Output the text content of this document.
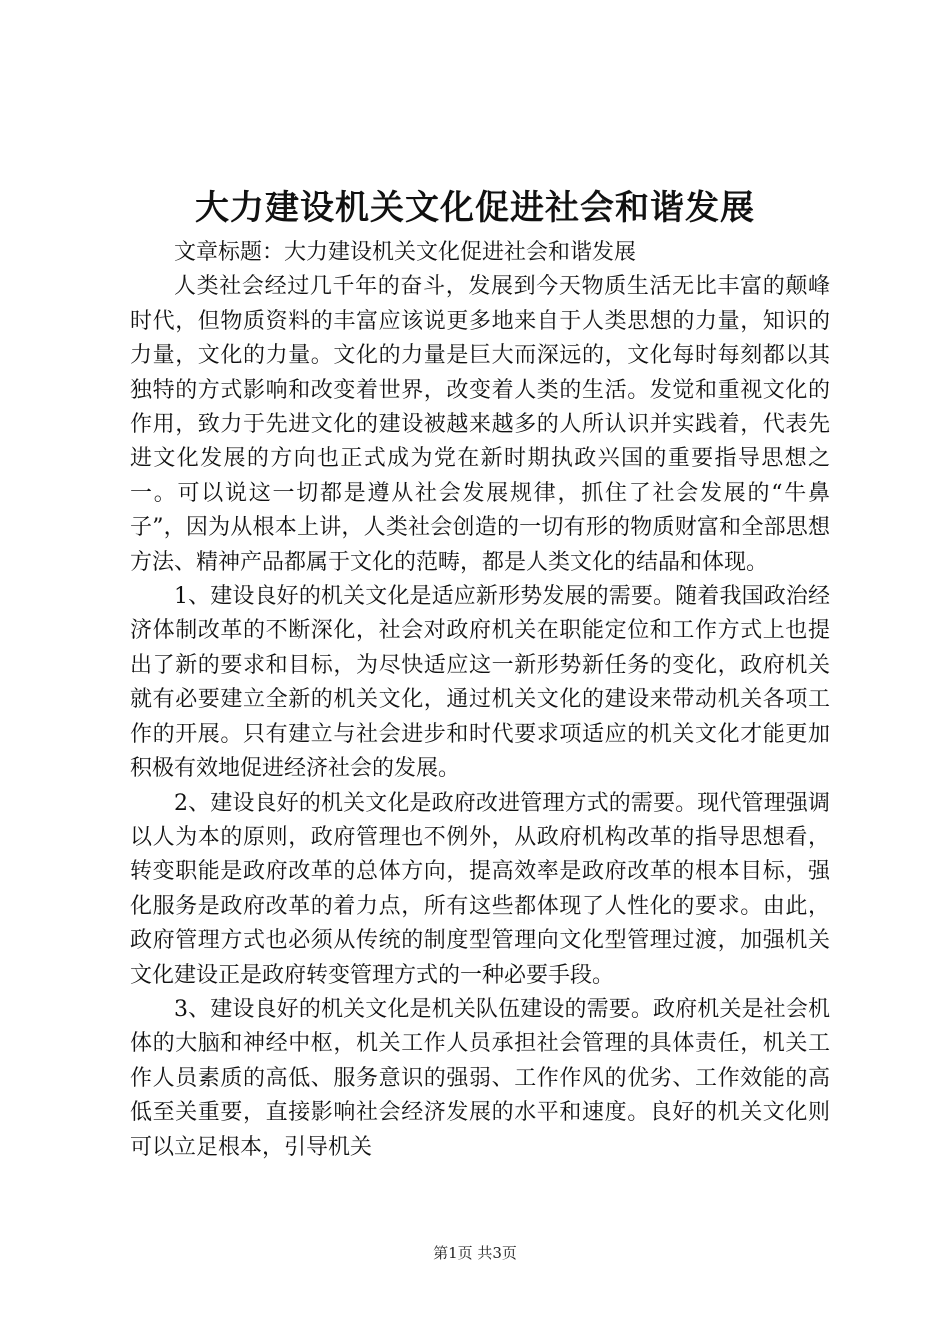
大力建设机关文化促进社会和谐发展

文章标题：大力建设机关文化促进社会和谐发展

人类社会经过几千年的奋斗，发展到今天物质生活无比丰富的颠峰时代，但物质资料的丰富应该说更多地来自于人类思想的力量，知识的力量，文化的力量。文化的力量是巨大而深远的，文化每时每刻都以其独特的方式影响和改变着世界，改变着人类的生活。发觉和重视文化的作用，致力于先进文化的建设被越来越多的人所认识并实践着，代表先进文化发展的方向也正式成为党在新时期执政兴国的重要指导思想之一。可以说这一切都是遵从社会发展规律，抓住了社会发展的“牛鼻子”，因为从根本上讲，人类社会创造的一切有形的物质财富和全部思想方法、精神产品都属于文化的范畴，都是人类文化的结晶和体现。

1、建设良好的机关文化是适应新形势发展的需要。随着我国政治经济体制改革的不断深化，社会对政府机关在职能定位和工作方式上也提出了新的要求和目标，为尽快适应这一新形势新任务的变化，政府机关就有必要建立全新的机关文化，通过机关文化的建设来带动机关各项工作的开展。只有建立与社会进步和时代要求项适应的机关文化才能更加积极有效地促进经济社会的发展。

2、建设良好的机关文化是政府改进管理方式的需要。现代管理强调以人为本的原则，政府管理也不例外，从政府机构改革的指导思想看，转变职能是政府改革的总体方向，提高效率是政府改革的根本目标，强化服务是政府改革的着力点，所有这些都体现了人性化的要求。由此，政府管理方式也必须从传统的制度型管理向文化型管理过渡，加强机关文化建设正是政府转变管理方式的一种必要手段。

3、建设良好的机关文化是机关队伍建设的需要。政府机关是社会机体的大脑和神经中枢，机关工作人员承担社会管理的具体责任，机关工作人员素质的高低、服务意识的强弱、工作作风的优劣、工作效能的高低至关重要，直接影响社会经济发展的水平和速度。良好的机关文化则可以立足根本，引导机关

第1页 共3页
